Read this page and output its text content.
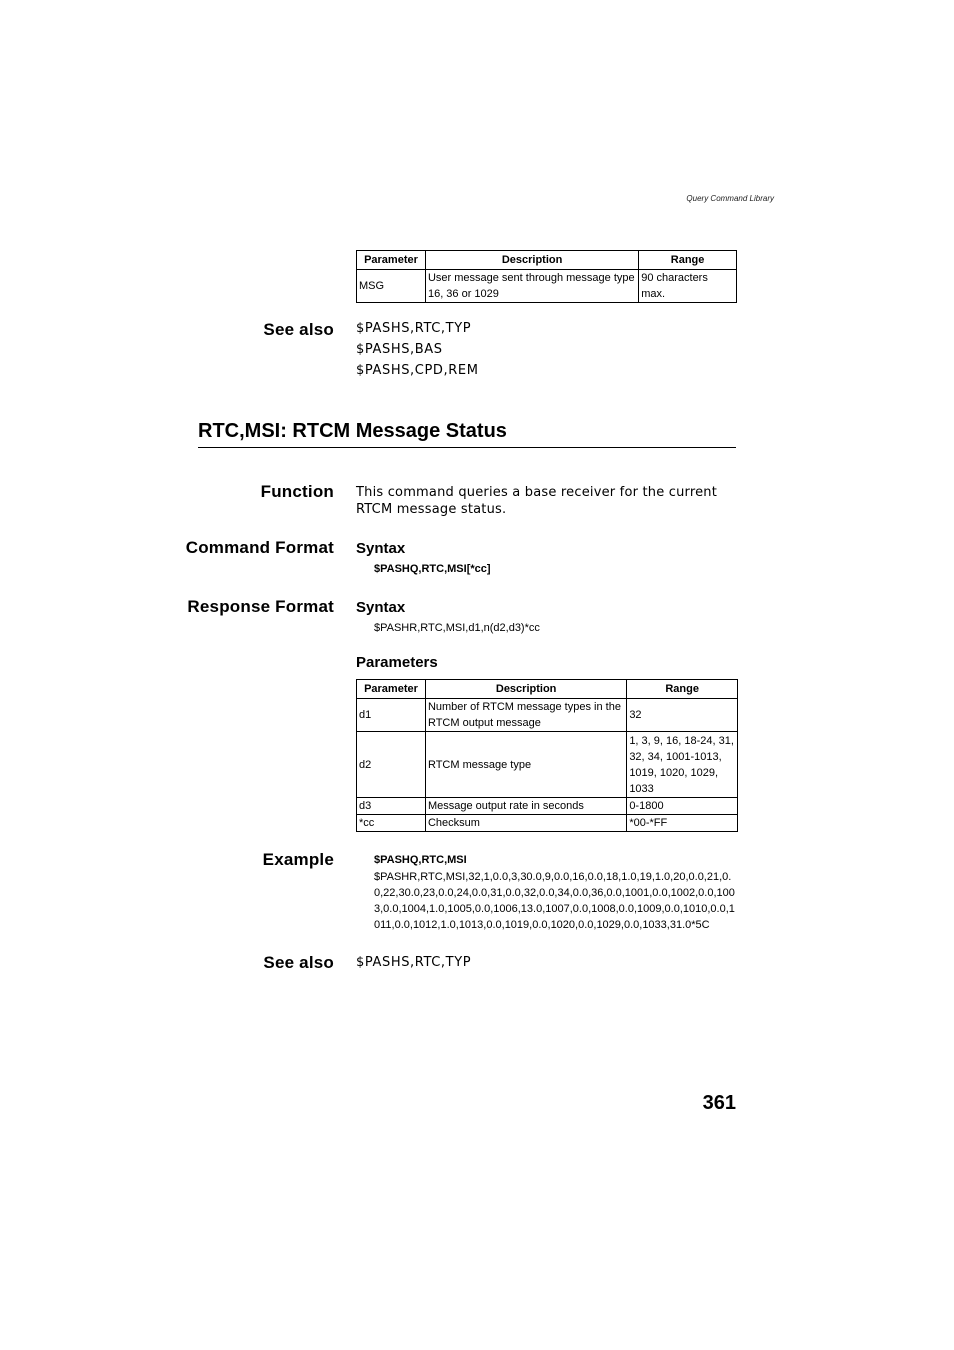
Query Command Library
Parameter	Description	Range
MSG	User message sent through message type 16, 36 or 1029	90 characters max.
See also $PASHS,RTC,TYP
$PASHS,BAS
$PASHS,CPD,REM
RTC,MSI: RTCM Message Status
Function This command queries a base receiver for the current RTCM message status.
Command Format Syntax
$PASHQ,RTC,MSI[*cc]
Response Format Syntax
$PASHR,RTC,MSI,d1,n(d2,d3)*cc
Parameters
Parameter	Description	Range
d1	Number of RTCM message types in the RTCM output message	32
d2	RTCM message type	1, 3, 9, 16, 18-24, 31, 32, 34, 1001-1013, 1019, 1020, 1029, 1033
d3	Message output rate in seconds	0-1800
*cc	Checksum	*00-*FF
Example	$PASHQ,RTC,MSI
$PASHR,RTC,MSI,32,1,0.0,3,30.0,9,0.0,16,0.0,18,1.0,19,1.0,20,0.0,21,0.0,22,30.0,23,0.0,24,0.0,31,0.0,32,0.0,34,0.0,36,0.0,1001,0.0,1002,0.0,1003,0.0,1004,1.0,1005,0.0,1006,13.0,1007,0.0,1008,0.0,1009,0.0,1010,0.0,1011,0.0,1012,1.0,1013,0.0,1019,0.0,1020,0.0,1029,0.0,1033,31.0*5C
See also $PASHS,RTC,TYP
361
